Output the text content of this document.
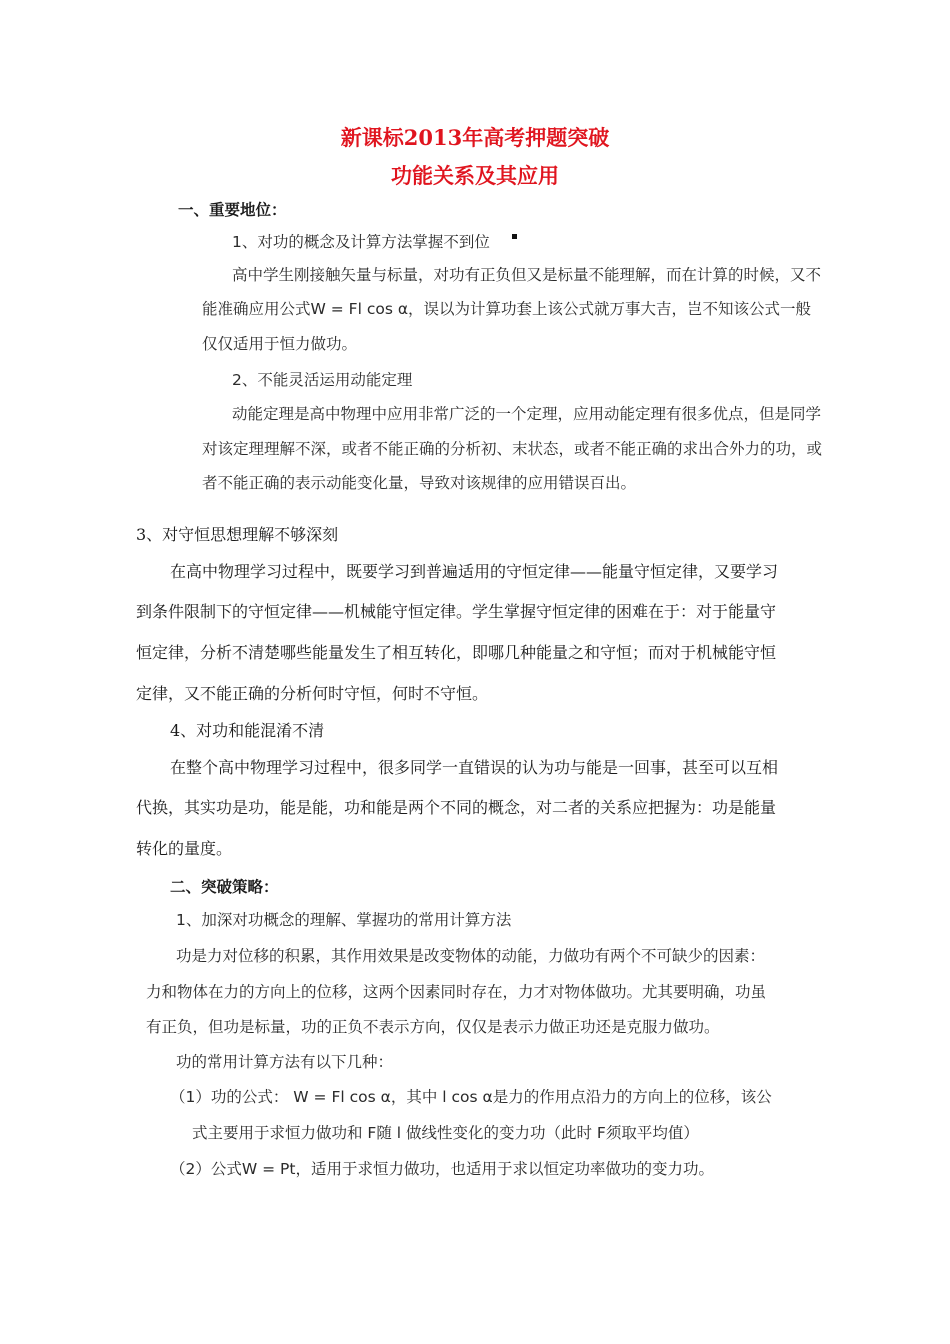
新课标2013年高考押题突破
功能关系及其应用
一、重要地位：
1、对功的概念及计算方法掌握不到位
高中学生刚接触矢量与标量，对功有正负但又是标量不能理解，而在计算的时候，又不
能准确应用公式W = Fl cos α，误以为计算功套上该公式就万事大吉，岂不知该公式一般
仅仅适用于恒力做功。
2、不能灵活运用动能定理
动能定理是高中物理中应用非常广泛的一个定理，应用动能定理有很多优点，但是同学
对该定理理解不深，或者不能正确的分析初、末状态，或者不能正确的求出合外力的功，或
者不能正确的表示动能变化量，导致对该规律的应用错误百出。
3、对守恒思想理解不够深刻
在高中物理学习过程中，既要学习到普遍适用的守恒定律——能量守恒定律，又要学习
到条件限制下的守恒定律——机械能守恒定律。学生掌握守恒定律的困难在于：对于能量守
恒定律，分析不清楚哪些能量发生了相互转化，即哪几种能量之和守恒；而对于机械能守恒
定律，又不能正确的分析何时守恒，何时不守恒。
4、对功和能混淆不清
在整个高中物理学习过程中，很多同学一直错误的认为功与能是一回事，甚至可以互相
代换，其实功是功，能是能，功和能是两个不同的概念，对二者的关系应把握为：功是能量
转化的量度。
二、突破策略：
1、加深对功概念的理解、掌握功的常用计算方法
功是力对位移的积累，其作用效果是改变物体的动能，力做功有两个不可缺少的因素：
力和物体在力的方向上的位移，这两个因素同时存在，力才对物体做功。尤其要明确，功虽
有正负，但功是标量，功的正负不表示方向，仅仅是表示力做正功还是克服力做功。
功的常用计算方法有以下几种：
（1）功的公式： W = Fl cos α，其中 l cos α是力的作用点沿力的方向上的位移，该公
式主要用于求恒力做功和 F随 l 做线性变化的变力功（此时 F须取平均值）
（2）公式W = Pt，适用于求恒力做功，也适用于求以恒定功率做功的变力功。
